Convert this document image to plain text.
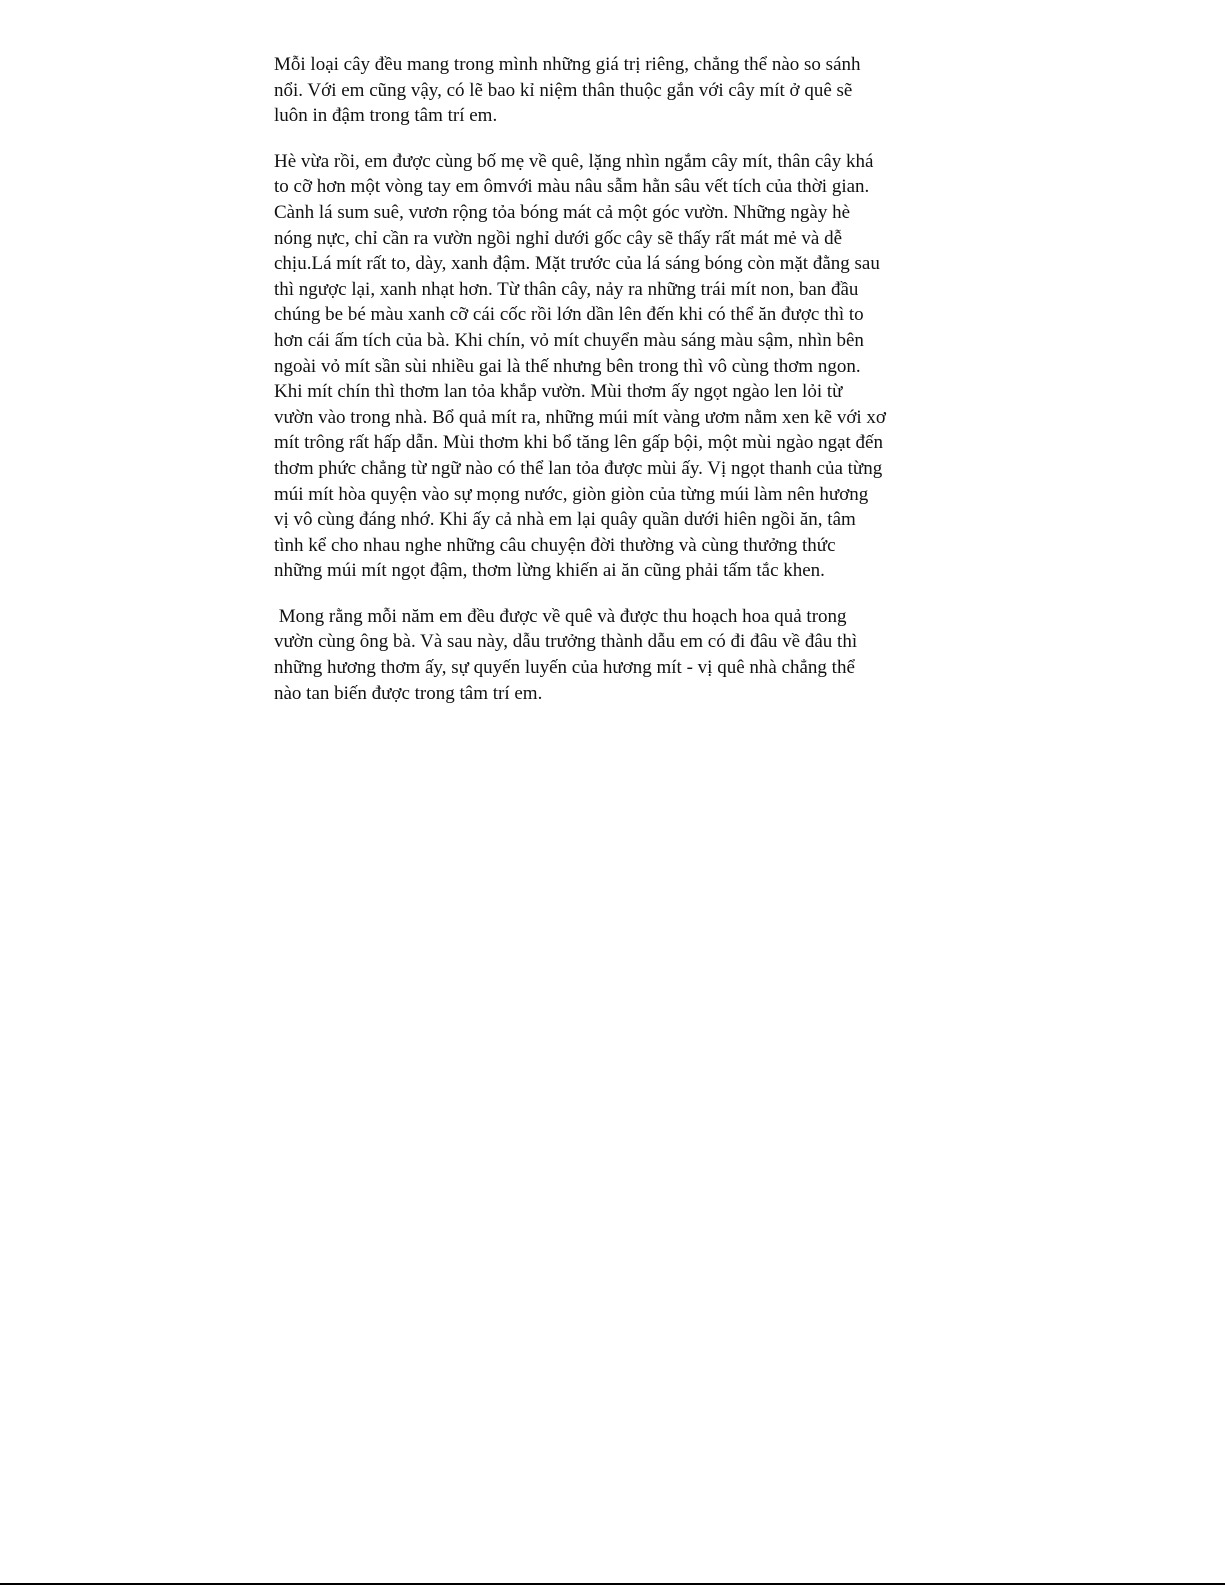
Mỗi loại cây đều mang trong mình những giá trị riêng, chẳng thể nào so sánh
nổi. Với em cũng vậy, có lẽ bao kỉ niệm thân thuộc gắn với cây mít ở quê sẽ
luôn in đậm trong tâm trí em.

Hè vừa rồi, em được cùng bố mẹ về quê, lặng nhìn ngắm cây mít, thân cây khá
to cỡ hơn một vòng tay em ômvới màu nâu sẫm hằn sâu vết tích của thời gian.
Cành lá sum suê, vươn rộng tỏa bóng mát cả một góc vườn. Những ngày hè
nóng nực, chỉ cần ra vườn ngồi nghỉ dưới gốc cây sẽ thấy rất mát mẻ và dễ
chịu.Lá mít rất to, dày, xanh đậm. Mặt trước của lá sáng bóng còn mặt đằng sau
thì ngược lại, xanh nhạt hơn. Từ thân cây, nảy ra những trái mít non, ban đầu
chúng be bé màu xanh cỡ cái cốc rồi lớn dần lên đến khi có thể ăn được thì to
hơn cái ấm tích của bà. Khi chín, vỏ mít chuyển màu sáng màu sậm, nhìn bên
ngoài vỏ mít sần sùi nhiều gai là thế nhưng bên trong thì vô cùng thơm ngon.
Khi mít chín thì thơm lan tỏa khắp vườn. Mùi thơm ấy ngọt ngào len lỏi từ
vườn vào trong nhà. Bổ quả mít ra, những múi mít vàng ươm nằm xen kẽ với xơ
mít trông rất hấp dẫn. Mùi thơm khi bổ tăng lên gấp bội, một mùi ngào ngạt đến
thơm phức chẳng từ ngữ nào có thể lan tỏa được mùi ấy. Vị ngọt thanh của từng
múi mít hòa quyện vào sự mọng nước, giòn giòn của từng múi làm nên hương
vị vô cùng đáng nhớ. Khi ấy cả nhà em lại quây quần dưới hiên ngồi ăn, tâm
tình kể cho nhau nghe những câu chuyện đời thường và cùng thưởng thức
những múi mít ngọt đậm, thơm lừng khiến ai ăn cũng phải tấm tắc khen.

Mong rằng mỗi năm em đều được về quê và được thu hoạch hoa quả trong
vườn cùng ông bà. Và sau này, dẫu trưởng thành dẫu em có đi đâu về đâu thì
những hương thơm ấy, sự quyến luyến của hương mít - vị quê nhà chẳng thể
nào tan biến được trong tâm trí em.
